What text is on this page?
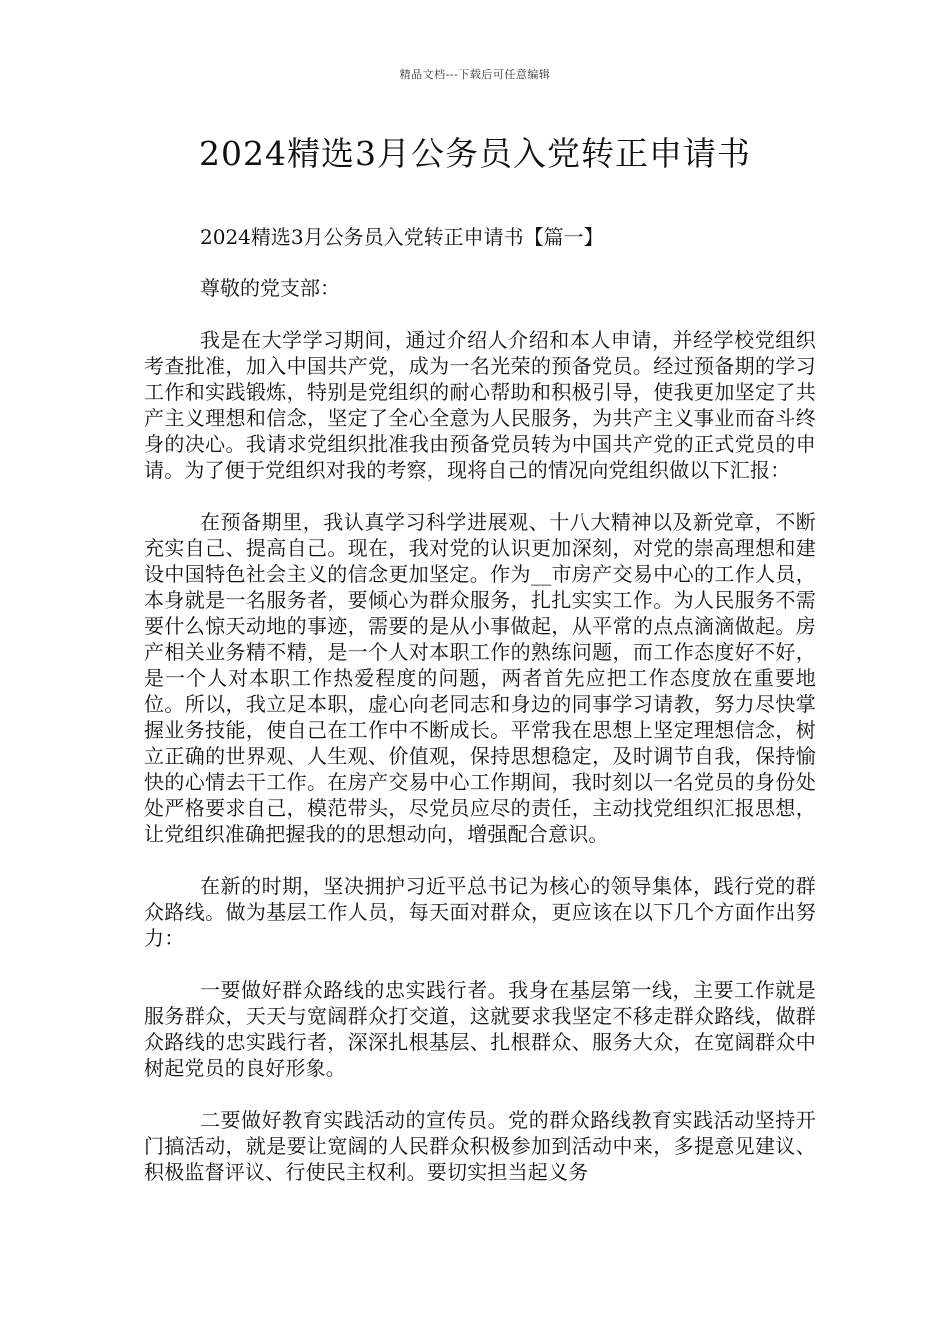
精品文档---下载后可任意编辑
2024精选3月公务员入党转正申请书

2024精选3月公务员入党转正申请书【篇一】

尊敬的党支部：

我是在大学学习期间，通过介绍人介绍和本人申请，并经学校党组织考查批准，加入中国共产党，成为一名光荣的预备党员。经过预备期的学习工作和实践锻炼，特别是党组织的耐心帮助和积极引导，使我更加坚定了共产主义理想和信念，坚定了全心全意为人民服务，为共产主义事业而奋斗终身的决心。我请求党组织批准我由预备党员转为中国共产党的正式党员的申请。为了便于党组织对我的考察，现将自己的情况向党组织做以下汇报：

在预备期里，我认真学习科学进展观、十八大精神以及新党章，不断充实自己、提高自己。现在，我对党的认识更加深刻，对党的崇高理想和建设中国特色社会主义的信念更加坚定。作为__市房产交易中心的工作人员，本身就是一名服务者，要倾心为群众服务，扎扎实实工作。为人民服务不需要什么惊天动地的事迹，需要的是从小事做起，从平常的点点滴滴做起。房产相关业务精不精，是一个人对本职工作的熟练问题，而工作态度好不好，是一个人对本职工作热爱程度的问题，两者首先应把工作态度放在重要地位。所以，我立足本职，虚心向老同志和身边的同事学习请教，努力尽快掌握业务技能，使自己在工作中不断成长。平常我在思想上坚定理想信念，树立正确的世界观、人生观、价值观，保持思想稳定，及时调节自我，保持愉快的心情去干工作。在房产交易中心工作期间，我时刻以一名党员的身份处处严格要求自己，模范带头，尽党员应尽的责任，主动找党组织汇报思想，让党组织准确把握我的的思想动向，增强配合意识。

在新的时期，坚决拥护习近平总书记为核心的领导集体，践行党的群众路线。做为基层工作人员，每天面对群众，更应该在以下几个方面作出努力：

一要做好群众路线的忠实践行者。我身在基层第一线，主要工作就是服务群众，天天与宽阔群众打交道，这就要求我坚定不移走群众路线，做群众路线的忠实践行者，深深扎根基层、扎根群众、服务大众，在宽阔群众中树起党员的良好形象。

二要做好教育实践活动的宣传员。党的群众路线教育实践活动坚持开门搞活动，就是要让宽阔的人民群众积极参加到活动中来，多提意见建议、积极监督评议、行使民主权利。要切实担当起义务
